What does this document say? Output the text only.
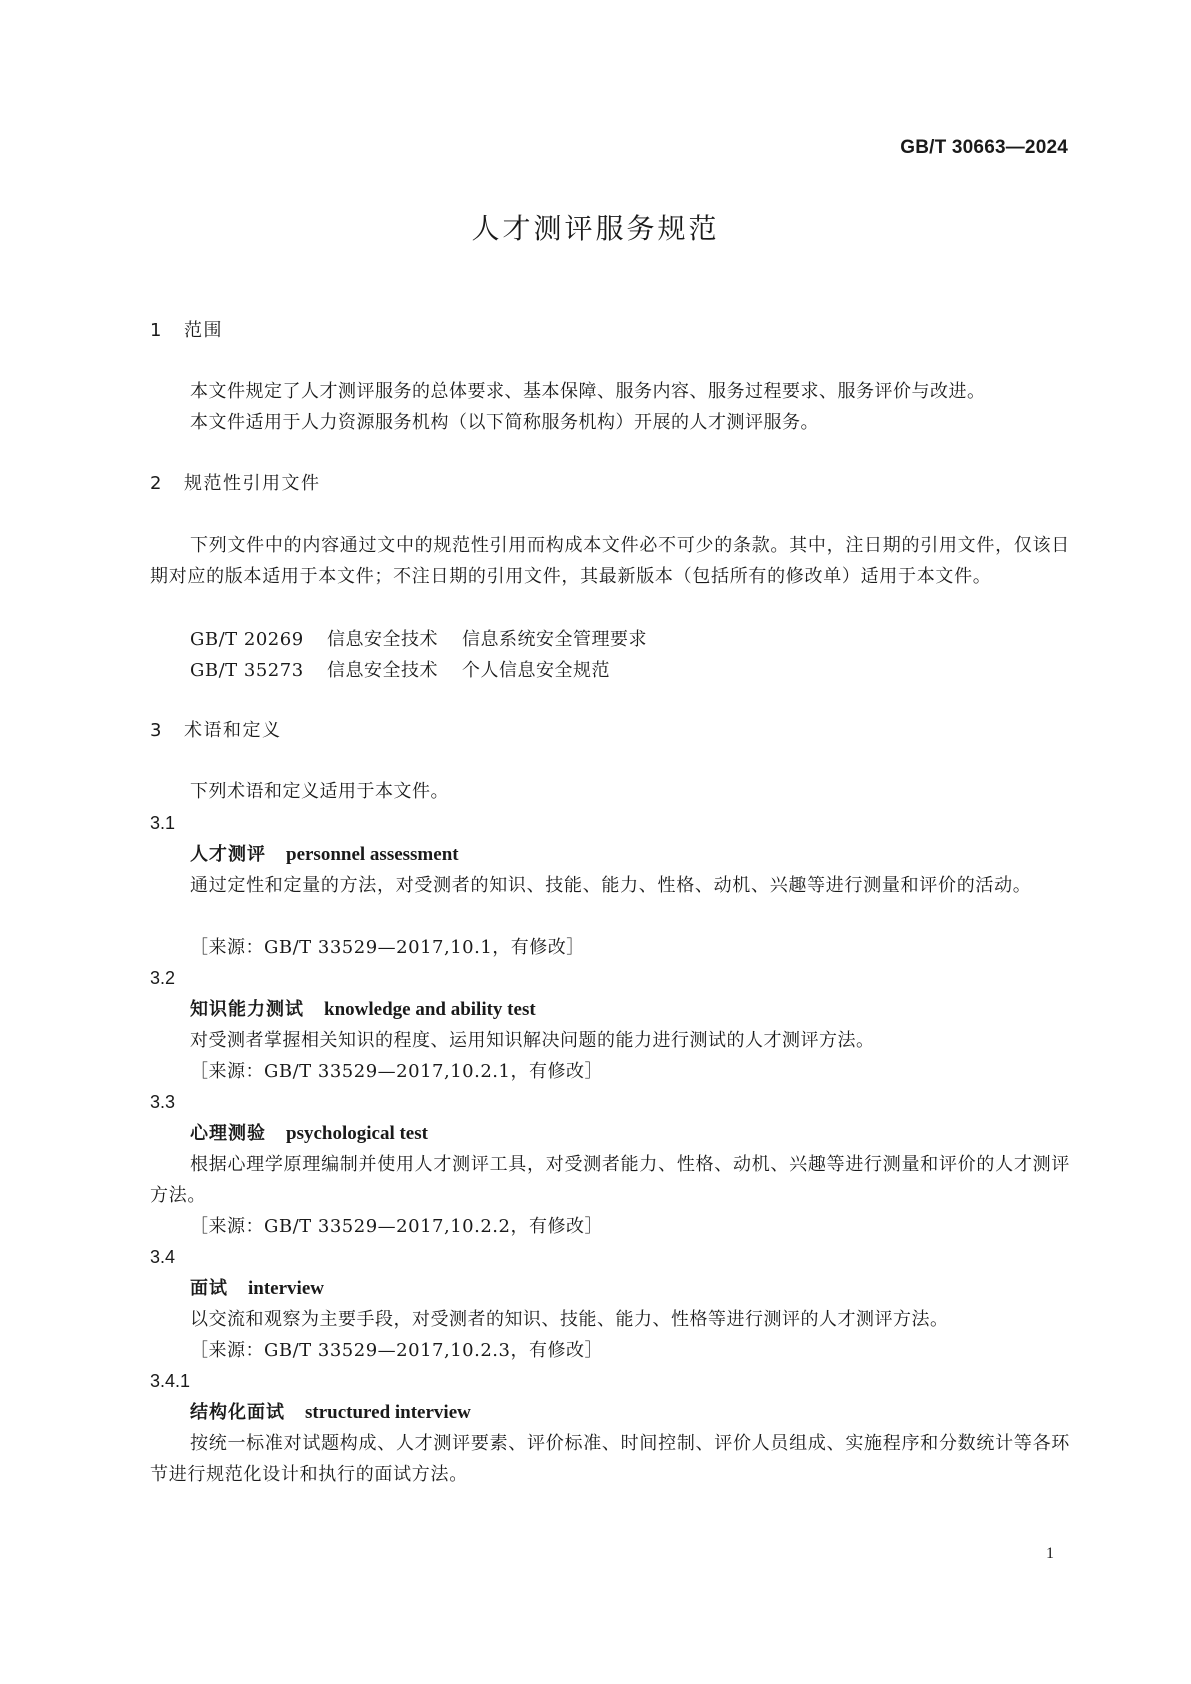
GB/T 30663—2024
人才测评服务规范
1 范围
本文件规定了人才测评服务的总体要求、基本保障、服务内容、服务过程要求、服务评价与改进。
本文件适用于人力资源服务机构（以下简称服务机构）开展的人才测评服务。
2 规范性引用文件

下列文件中的内容通过文中的规范性引用而构成本文件必不可少的条款。其中，注日期的引用文件，仅该日期对应的版本适用于本文件；不注日期的引用文件，其最新版本（包括所有的修改单）适用于本文件。

GB/T 20269 信息安全技术 信息系统安全管理要求
GB/T 35273 信息安全技术 个人信息安全规范
3 术语和定义
下列术语和定义适用于本文件。
3.1
人才测评 personnel assessment

通过定性和定量的方法，对受测者的知识、技能、能力、性格、动机、兴趣等进行测量和评价的活动。

［来源：GB/T 33529—2017,10.1，有修改］
3.2
知识能力测试 knowledge and ability test
对受测者掌握相关知识的程度、运用知识解决问题的能力进行测试的人才测评方法。
［来源：GB/T 33529—2017,10.2.1，有修改］
3.3
心理测验 psychological test

根据心理学原理编制并使用人才测评工具，对受测者能力、性格、动机、兴趣等进行测量和评价的人才测评方法。

［来源：GB/T 33529—2017,10.2.2，有修改］
3.4
面试 interview
以交流和观察为主要手段，对受测者的知识、技能、能力、性格等进行测评的人才测评方法。
［来源：GB/T 33529—2017,10.2.3，有修改］
3.4.1
结构化面试 structured interview

按统一标准对试题构成、人才测评要素、评价标准、时间控制、评价人员组成、实施程序和分数统计等各环节进行规范化设计和执行的面试方法。

1
